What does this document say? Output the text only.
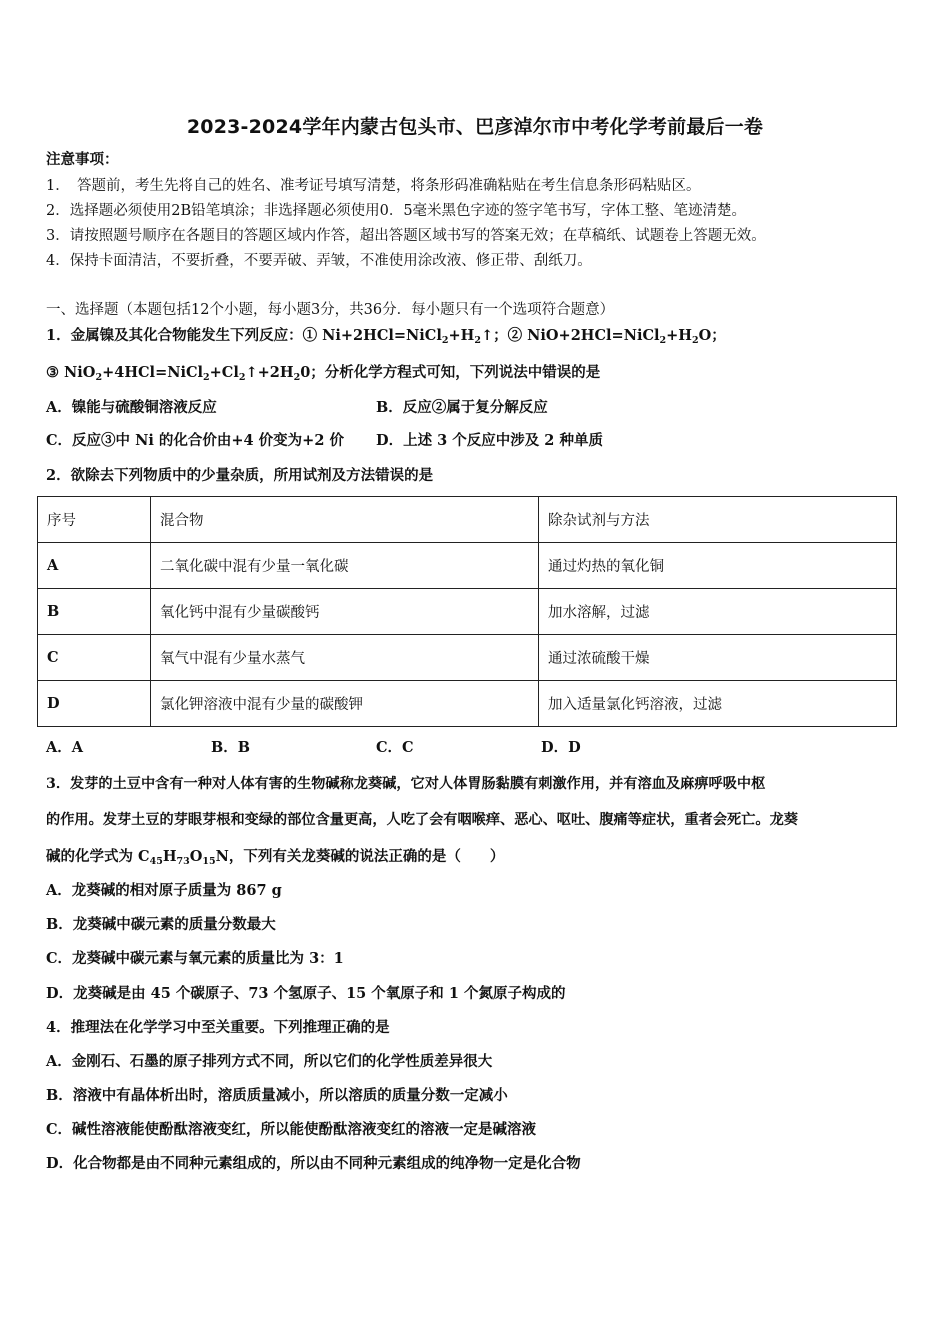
2023-2024学年内蒙古包头市、巴彦淖尔市中考化学考前最后一卷
注意事项：
1．　答题前，考生先将自己的姓名、准考证号填写清楚，将条形码准确粘贴在考生信息条形码粘贴区。
2．选择题必须使用2B铅笔填涂；非选择题必须使用0．5毫米黑色字迹的签字笔书写，字体工整、笔迹清楚。
3．请按照题号顺序在各题目的答题区域内作答，超出答题区域书写的答案无效；在草稿纸、试题卷上答题无效。
4．保持卡面清洁，不要折叠，不要弄破、弄皱，不准使用涂改液、修正带、刮纸刀。
一、选择题（本题包括12个小题，每小题3分，共36分．每小题只有一个选项符合题意）
1．金属镍及其化合物能发生下列反应：① $Ni+2HCl=NiCl_2+H_2↑$；② $NiO+2HCl=NiCl_2+H_2O$；
③ $NiO_2+4HCl=NiCl_2+Cl_2↑+2H_20$；分析化学方程式可知，下列说法中错误的是
A．镍能与硫酸铜溶液反应	B．反应②属于复分解反应
C．反应③中 Ni 的化合价由+4 价变为+2 价 D．上述 3 个反应中涉及 2 种单质
2．欲除去下列物质中的少量杂质，所用试剂及方法错误的是
序号	混合物	除杂试剂与方法
A	二氧化碳中混有少量一氧化碳	通过灼热的氧化铜
B	氧化钙中混有少量碳酸钙	加水溶解，过滤
C	氧气中混有少量水蒸气	通过浓硫酸干燥
D	氯化钾溶液中混有少量的碳酸钾	加入适量氯化钙溶液，过滤
A．A	B．B	C．C	D．D
3．发芽的土豆中含有一种对人体有害的生物碱称龙葵碱，它对人体胃肠黏膜有刺激作用，并有溶血及麻痹呼吸中枢
的作用。发芽土豆的芽眼芽根和变绿的部位含量更高，人吃了会有咽喉痒、恶心、呕吐、腹痛等症状，重者会死亡。龙葵
碱的化学式为 $C_{45}H_{73}O_{15}N$，下列有关龙葵碱的说法正确的是（　　）
A．龙葵碱的相对原子质量为 867 g
B．龙葵碱中碳元素的质量分数最大
C．龙葵碱中碳元素与氧元素的质量比为 3：1
D．龙葵碱是由 45 个碳原子、73 个氢原子、15 个氧原子和 1 个氮原子构成的
4．推理法在化学学习中至关重要。下列推理正确的是
A．金刚石、石墨的原子排列方式不同，所以它们的化学性质差异很大
B．溶液中有晶体析出时，溶质质量减小，所以溶质的质量分数一定减小
C．碱性溶液能使酚酞溶液变红，所以能使酚酞溶液变红的溶液一定是碱溶液
D．化合物都是由不同种元素组成的，所以由不同种元素组成的纯净物一定是化合物
